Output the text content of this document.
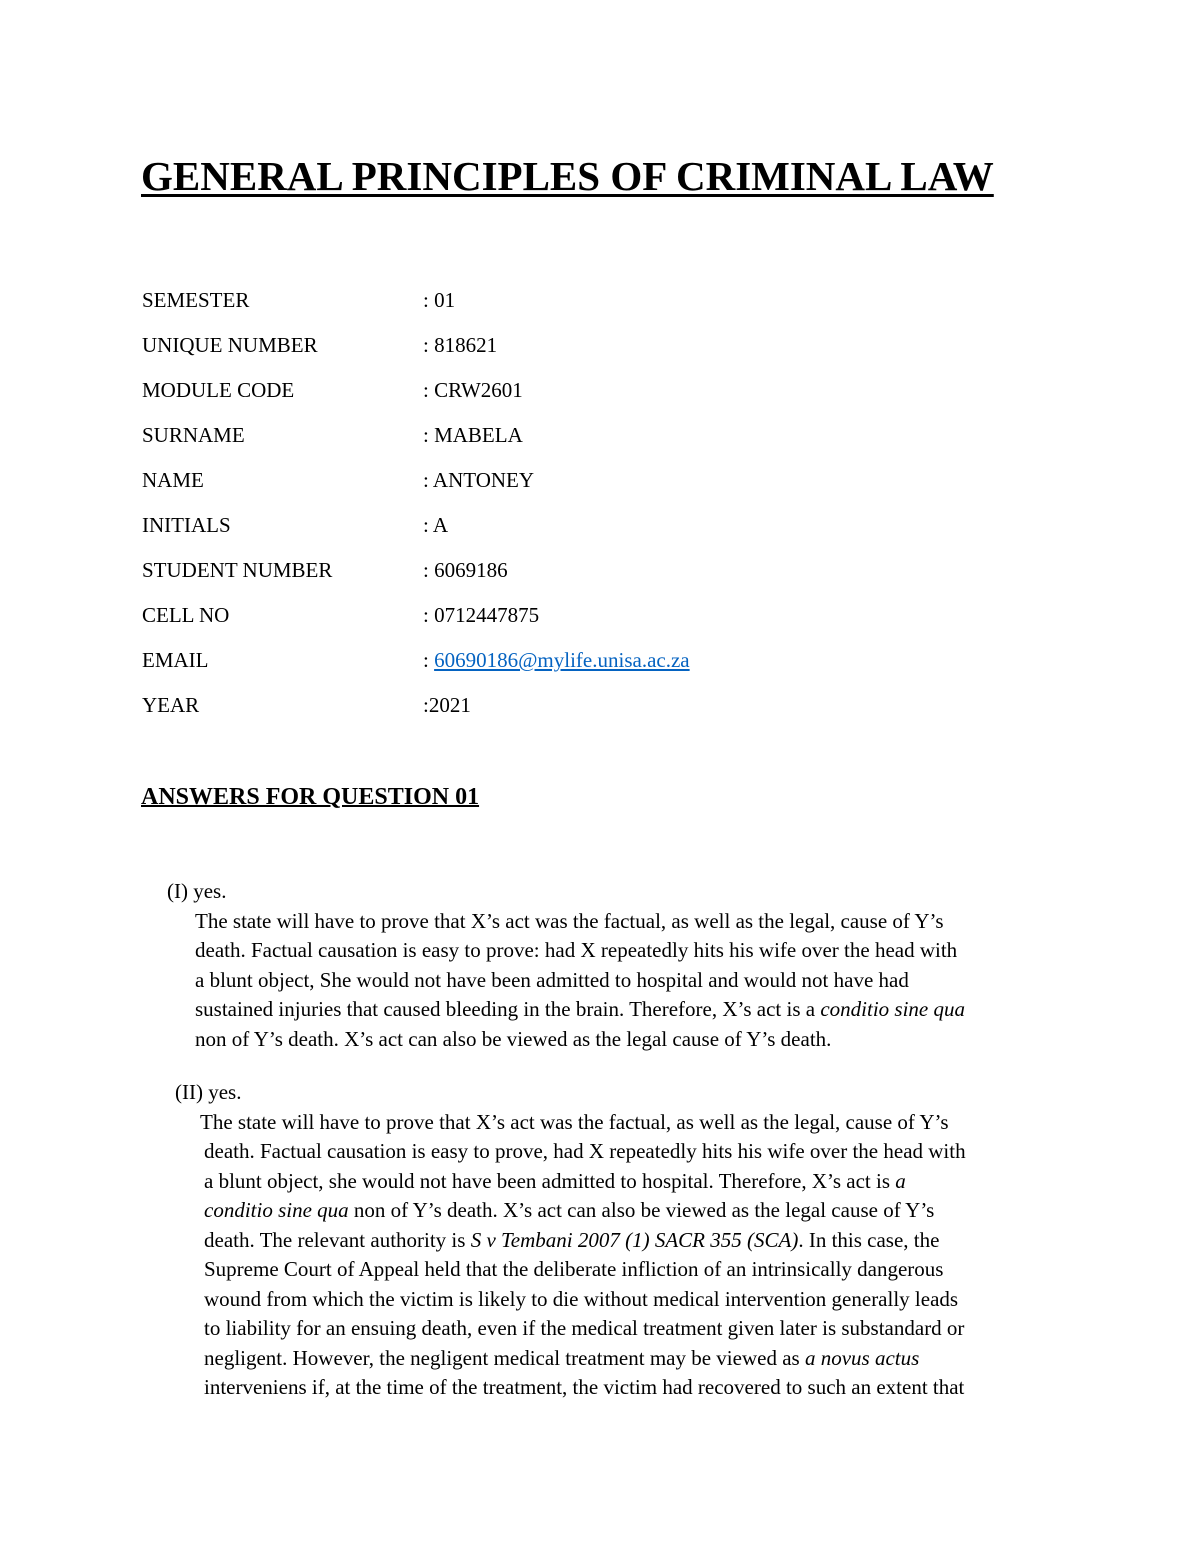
GENERAL PRINCIPLES OF CRIMINAL LAW
SEMESTER	: 01
UNIQUE NUMBER	: 818621
MODULE CODE	: CRW2601
SURNAME	: MABELA
NAME	: ANTONEY
INITIALS	: A
STUDENT NUMBER	: 6069186
CELL NO	: 0712447875
EMAIL	: 60690186@mylife.unisa.ac.za
YEAR	:2021
ANSWERS FOR QUESTION 01
(I) yes.
The state will have to prove that X’s act was the factual, as well as the legal, cause of Y’s
death. Factual causation is easy to prove: had X repeatedly hits his wife over the head with
a blunt object, She would not have been admitted to hospital and would not have had
sustained injuries that caused bleeding in the brain. Therefore, X’s act is a conditio sine qua
non of Y’s death. X’s act can also be viewed as the legal cause of Y’s death.
(II) yes.
The state will have to prove that X’s act was the factual, as well as the legal, cause of Y’s
death. Factual causation is easy to prove, had X repeatedly hits his wife over the head with
a blunt object, she would not have been admitted to hospital. Therefore, X’s act is a
conditio sine qua non of Y’s death. X’s act can also be viewed as the legal cause of Y’s
death. The relevant authority is S v Tembani 2007 (1) SACR 355 (SCA). In this case, the
Supreme Court of Appeal held that the deliberate infliction of an intrinsically dangerous
wound from which the victim is likely to die without medical intervention generally leads
to liability for an ensuing death, even if the medical treatment given later is substandard or
negligent. However, the negligent medical treatment may be viewed as a novus actus
interveniens if, at the time of the treatment, the victim had recovered to such an extent that
